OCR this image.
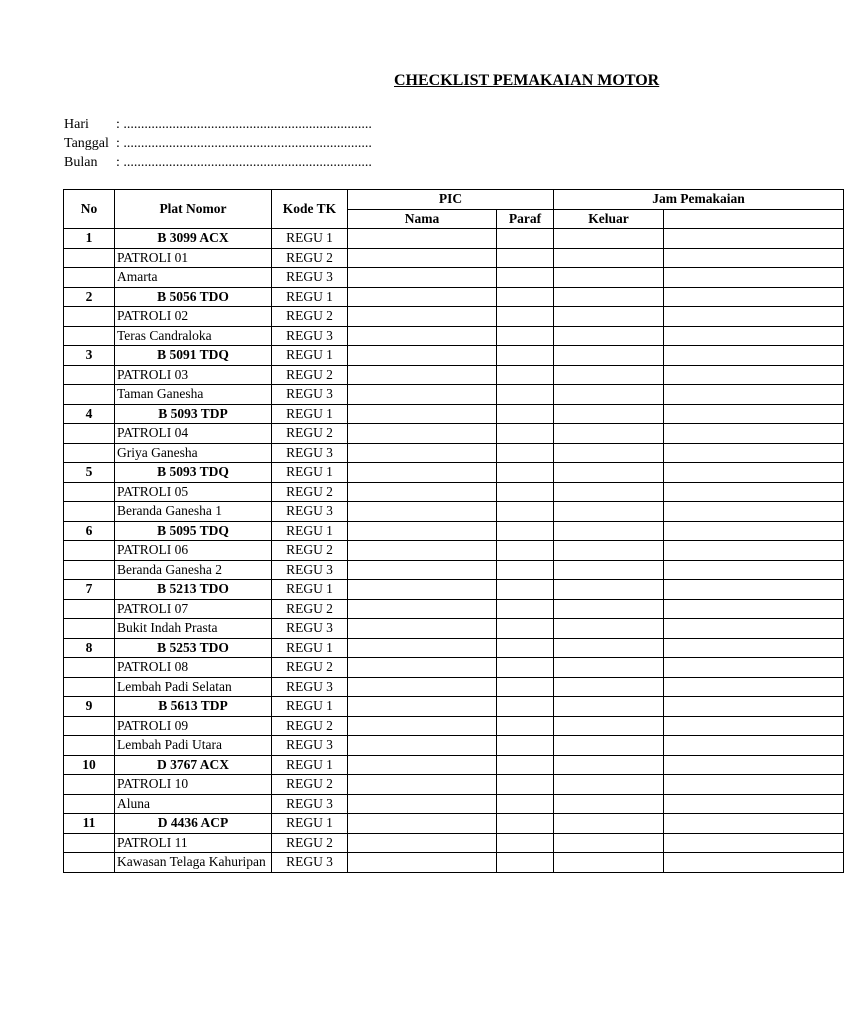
CHECKLIST PEMAKAIAN MOTOR
Hari : .......................................................................
Tanggal : .......................................................................
Bulan : .......................................................................
No	Plat Nomor	Kode TK	PIC		Jam Pemakaian	
			Nama	Paraf	Keluar	
1	B 3099 ACX	REGU 1				
	PATROLI 01	REGU 2				
	Amarta	REGU 3				
2	B 5056 TDO	REGU 1				
	PATROLI 02	REGU 2				
	Teras Candraloka	REGU 3				
3	B 5091 TDQ	REGU 1				
	PATROLI 03	REGU 2				
	Taman Ganesha	REGU 3				
4	B 5093 TDP	REGU 1				
	PATROLI 04	REGU 2				
	Griya Ganesha	REGU 3				
5	B 5093 TDQ	REGU 1				
	PATROLI 05	REGU 2				
	Beranda Ganesha 1	REGU 3				
6	B 5095 TDQ	REGU 1				
	PATROLI 06	REGU 2				
	Beranda Ganesha 2	REGU 3				
7	B 5213 TDO	REGU 1				
	PATROLI 07	REGU 2				
	Bukit Indah Prasta	REGU 3				
8	B 5253 TDO	REGU 1				
	PATROLI 08	REGU 2				
	Lembah Padi Selatan	REGU 3				
9	B 5613 TDP	REGU 1				
	PATROLI 09	REGU 2				
	Lembah Padi Utara	REGU 3				
10	D 3767 ACX	REGU 1				
	PATROLI 10	REGU 2				
	Aluna	REGU 3				
11	D 4436 ACP	REGU 1				
	PATROLI 11	REGU 2				
	Kawasan Telaga Kahuripan	REGU 3				
